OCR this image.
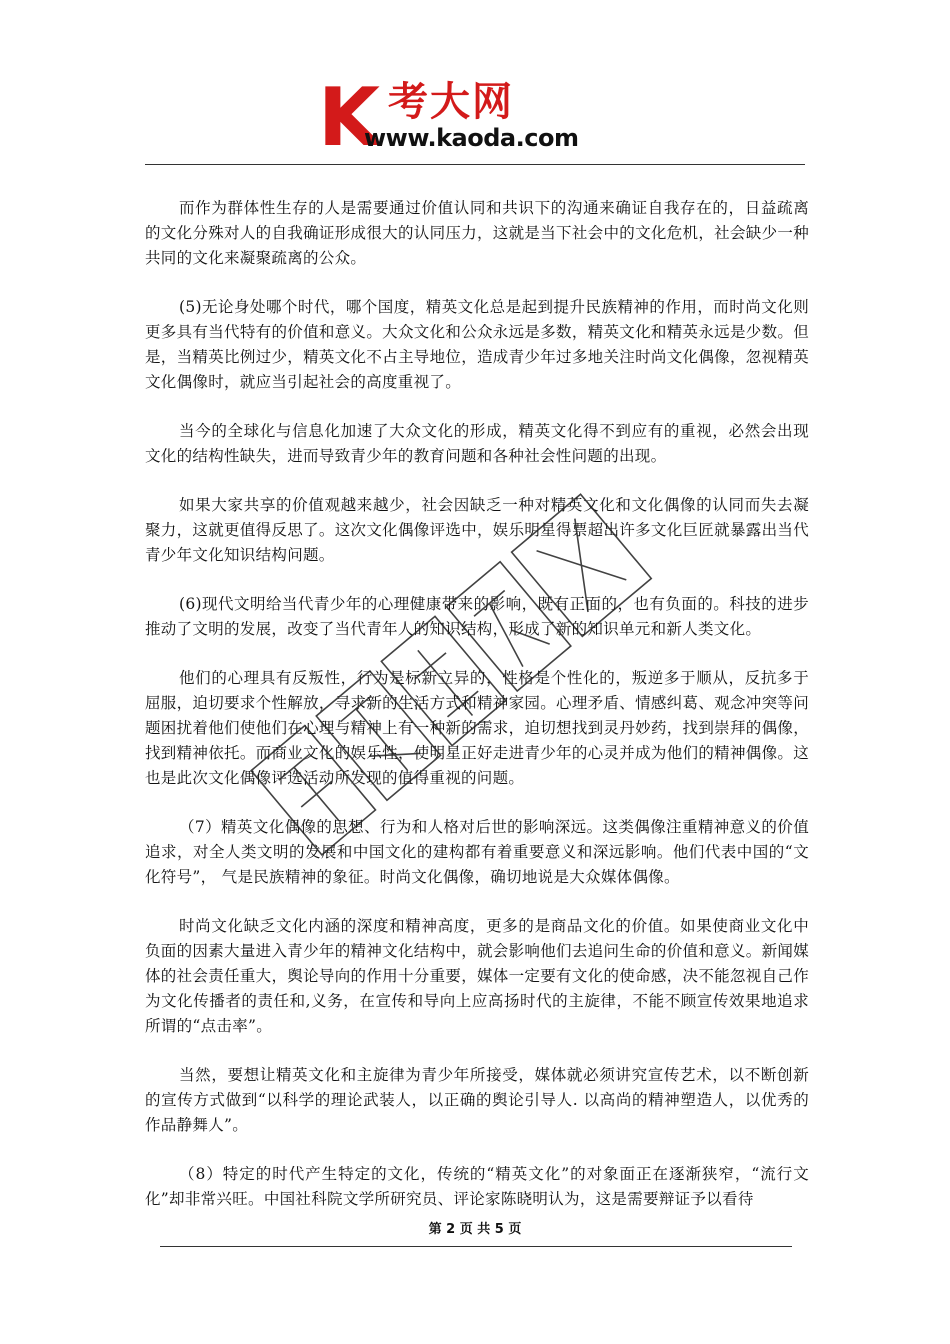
K 考大网
www.kaoda.com

而作为群体性生存的人是需要通过价值认同和共识下的沟通来确证自我存在的，日益疏离的文化分殊对人的自我确证形成很大的认同压力，这就是当下社会中的文化危机，社会缺少一种共同的文化来凝聚疏离的公众。

(5)无论身处哪个时代，哪个国度，精英文化总是起到提升民族精神的作用，而时尚文化则更多具有当代特有的价值和意义。大众文化和公众永远是多数，精英文化和精英永远是少数。但是，当精英比例过少，精英文化不占主导地位，造成青少年过多地关注时尚文化偶像，忽视精英文化偶像时，就应当引起社会的高度重视了。

当今的全球化与信息化加速了大众文化的形成，精英文化得不到应有的重视，必然会出现文化的结构性缺失，进而导致青少年的教育问题和各种社会性问题的出现。

如果大家共享的价值观越来越少，社会因缺乏一种对精英文化和文化偶像的认同而失去凝聚力，这就更值得反思了。这次文化偶像评选中，娱乐明星得票超出许多文化巨匠就暴露出当代青少年文化知识结构问题。

(6)现代文明给当代青少年的心理健康带来的影响，既有正面的，也有负面的。科技的进步推动了文明的发展，改变了当代青年人的知识结构，形成了新的知识单元和新人类文化。

他们的心理具有反叛性，行为是标新立异的，性格是个性化的，叛逆多于顺从，反抗多于屈服，迫切要求个性解放，寻求新的生活方式和精神家园。心理矛盾、情感纠葛、观念冲突等问题困扰着他们使他们在心理与精神上有一种新的需求，迫切想找到灵丹妙药，找到崇拜的偶像，找到精神依托。而商业文化的娱乐性，使明星正好走进青少年的心灵并成为他们的精神偶像。这也是此次文化偶像评选活动所发现的值得重视的问题。

（7）精英文化偶像的思想、行为和人格对后世的影响深远。这类偶像注重精神意义的价值追求，对全人类文明的发展和中国文化的建构都有着重要意义和深远影响。他们代表中国的“文化符号”， 气是民族精神的象征。时尚文化偶像，确切地说是大众媒体偶像。

时尚文化缺乏文化内涵的深度和精神高度，更多的是商品文化的价值。如果使商业文化中负面的因素大量进入青少年的精神文化结构中，就会影响他们去追问生命的价值和意义。新闻媒体的社会责任重大，舆论导向的作用十分重要，媒体一定要有文化的使命感，决不能忽视自己作为文化传播者的责任和,义务，在宣传和导向上应高扬时代的主旋律，不能不顾宣传效果地追求所谓的“点击率”。

当然，要想让精英文化和主旋律为青少年所接受，媒体就必须讲究宣传艺术，以不断创新的宣传方式做到“以科学的理论武装人，以正确的舆论引导人. 以高尚的精神塑造人，以优秀的作品静舞人”。

（8）特定的时代产生特定的文化，传统的“精英文化”的对象面正在逐渐狭窄，“流行文化”却非常兴旺。中国社科院文学所研究员、评论家陈晓明认为，这是需要辩证予以看待

第 2 页 共 5 页
